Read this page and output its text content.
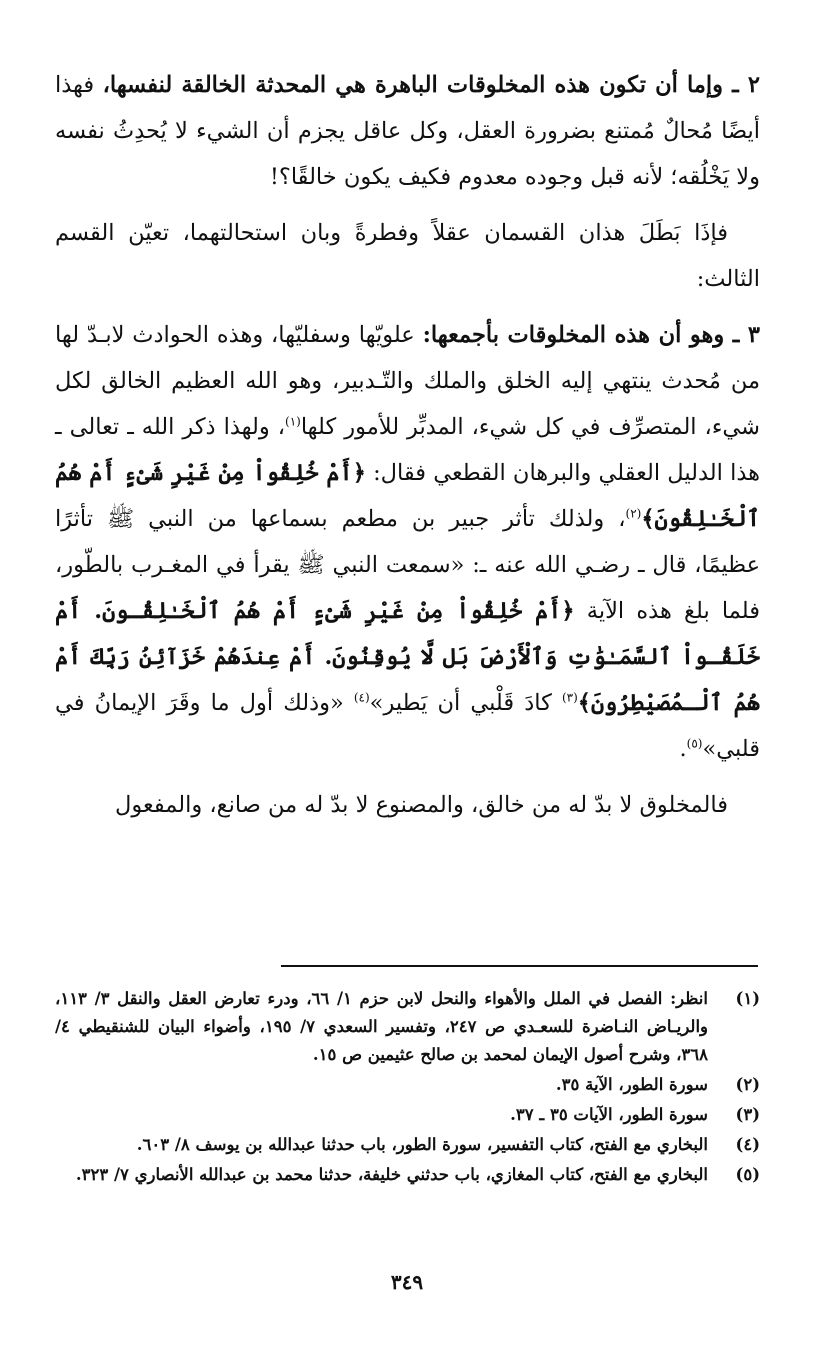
٢ ـ وإما أن تكون هذه المخلوقات الباهرة هي المحدثة الخالقة لنفسها، فهذا أيضًا مُحالٌ مُمتنع بضرورة العقل، وكل عاقل يجزم أن الشيء لا يُحدِثُ نفسه ولا يَخْلُقه؛ لأنه قبل وجوده معدوم فكيف يكون خالقًا؟!

فإذَا بَطَلَ هذان القسمان عقلاً وفطرةً وبان استحالتهما، تعيّن القسم الثالث:

٣ ـ وهو أن هذه المخلوقات بأجمعها: علويّها وسفليّها، وهذه الحوادث لابـدّ لها من مُحدث ينتهي إليه الخلق والملك والتّـدبير، وهو الله العظيم الخالق لكل شيء، المتصرِّف في كل شيء، المدبِّر للأمور كلها$^{(١)}$، ولهذا ذكر الله ـ تعالى ـ هذا الدليل العقلي والبرهان القطعي فقال: ﴿أَمْ خُلِقُواْ مِنْ غَيْرِ شَىْءٍ أَمْ هُمُ ٱلْخَـٰلِقُونَ﴾$^{(٢)}$، ولذلك تأثر جبير بن مطعم بسماعها من النبي ﷺ تأثرًا عظيمًا، قال ـ رضـي الله عنه ـ: «سمعت النبي ﷺ يقرأ في المغـرب بالطّور، فلما بلغ هذه الآية ﴿أَمْ خُلِقُواْ مِنْ غَيْرِ شَىْءٍ أَمْ هُمُ ٱلْخَـٰلِقُـونَ. أَمْ خَلَقُـواْ ٱلسَّمَـٰوَٰتِ وَٱلْأَرْضَ بَل لَّا يُوقِنُونَ. أَمْ عِندَهُمْ خَزَآئِنُ رَبِّكَ أَمْ هُمُ ٱلْـمُصَيْطِرُونَ﴾$^{(٣)}$ كادَ قَلْبي أن يَطير»$^{(٤)}$ «وذلك أول ما وقَرَ الإيمانُ في قلبي»$^{(٥)}$.

فالمخلوق لا بدّ له من خالق، والمصنوع لا بدّ له من صانع، والمفعول

(١)
انظر: الفصل في الملل والأهواء والنحل لابن حزم ١/ ٦٦، ودرء تعارض العقل والنقل ٣/ ١١٣، والريـاض النـاضرة للسعـدي ص ٢٤٧، وتفسير السعدي ٧/ ١٩٥، وأضواء البيان للشنقيطي ٤/ ٣٦٨، وشرح أصول الإيمان لمحمد بن صالح عثيمين ص ١٥.
(٢)
سورة الطور، الآية ٣٥.
(٣)
سورة الطور، الآيات ٣٥ ـ ٣٧.
(٤)
البخاري مع الفتح، كتاب التفسير، سورة الطور، باب حدثنا عبدالله بن يوسف ٨/ ٦٠٣.
(٥)
البخاري مع الفتح، كتاب المغازي، باب حدثني خليفة، حدثنا محمد بن عبدالله الأنصاري ٧/ ٣٢٣.
٣٤٩
